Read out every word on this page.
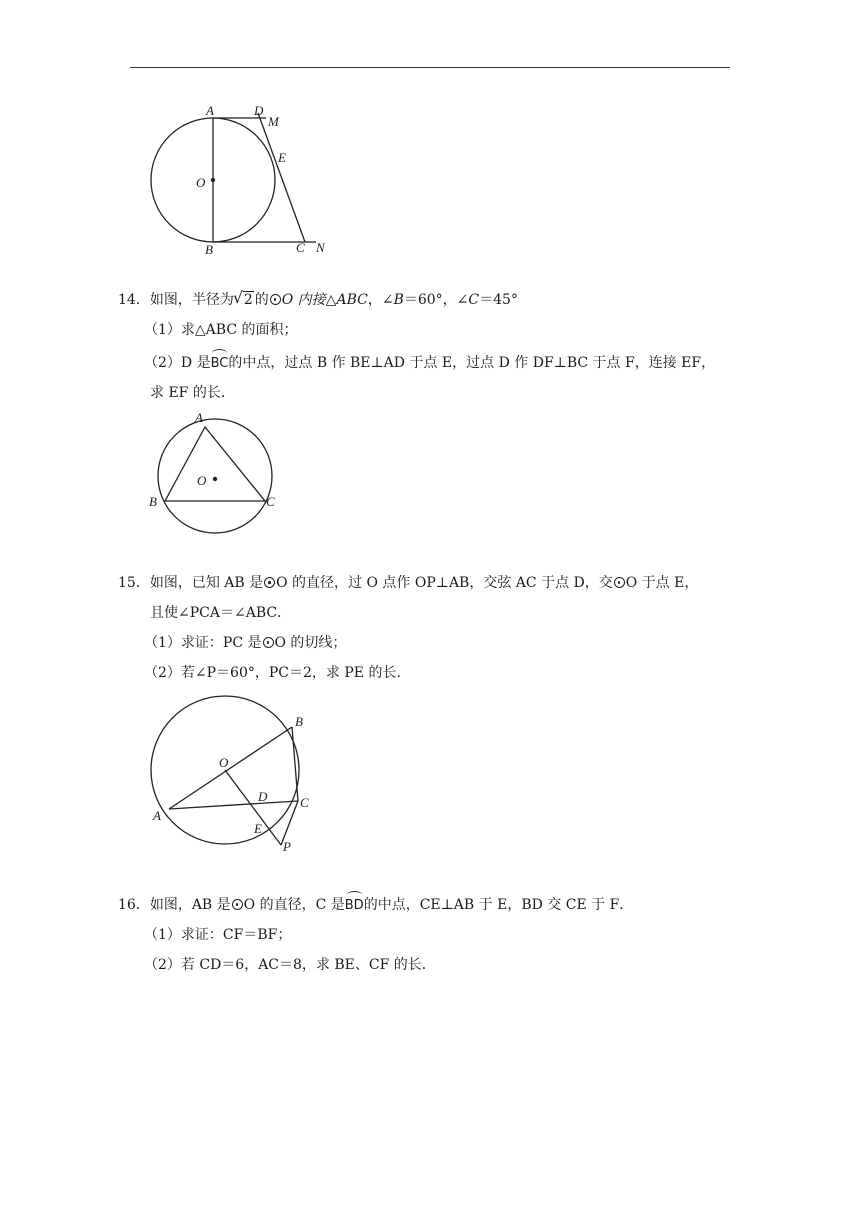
A	D
M
E
O
B	C N
14．如图，半径为√ 2 的 O 内接△ABC，∠B＝60°，∠C＝45°
（1）求△ABC 的面积；
（2）D 是BC的中点，过点 B 作 BE⊥AD 于点 E，过点 D 作 DF⊥BC 于点 F，连接 EF，
求 EF 的长．
A
O
B	C
15．如图，已知 AB 是 O 的直径，过 O 点作 OP⊥AB，交弦 AC 于点 D，交 O 于点 E，
且使∠PCA＝∠ABC．
（1）求证：PC 是 O 的切线；
（2）若∠P＝60°，PC＝2，求 PE 的长．
B
O
D	C
A
E
P
16．如图，AB 是 O 的直径，C 是BD的中点，CE⊥AB 于 E，BD 交 CE 于 F．
（1）求证：CF＝BF；
（2）若 CD＝6，AC＝8，求 BE、CF 的长．
